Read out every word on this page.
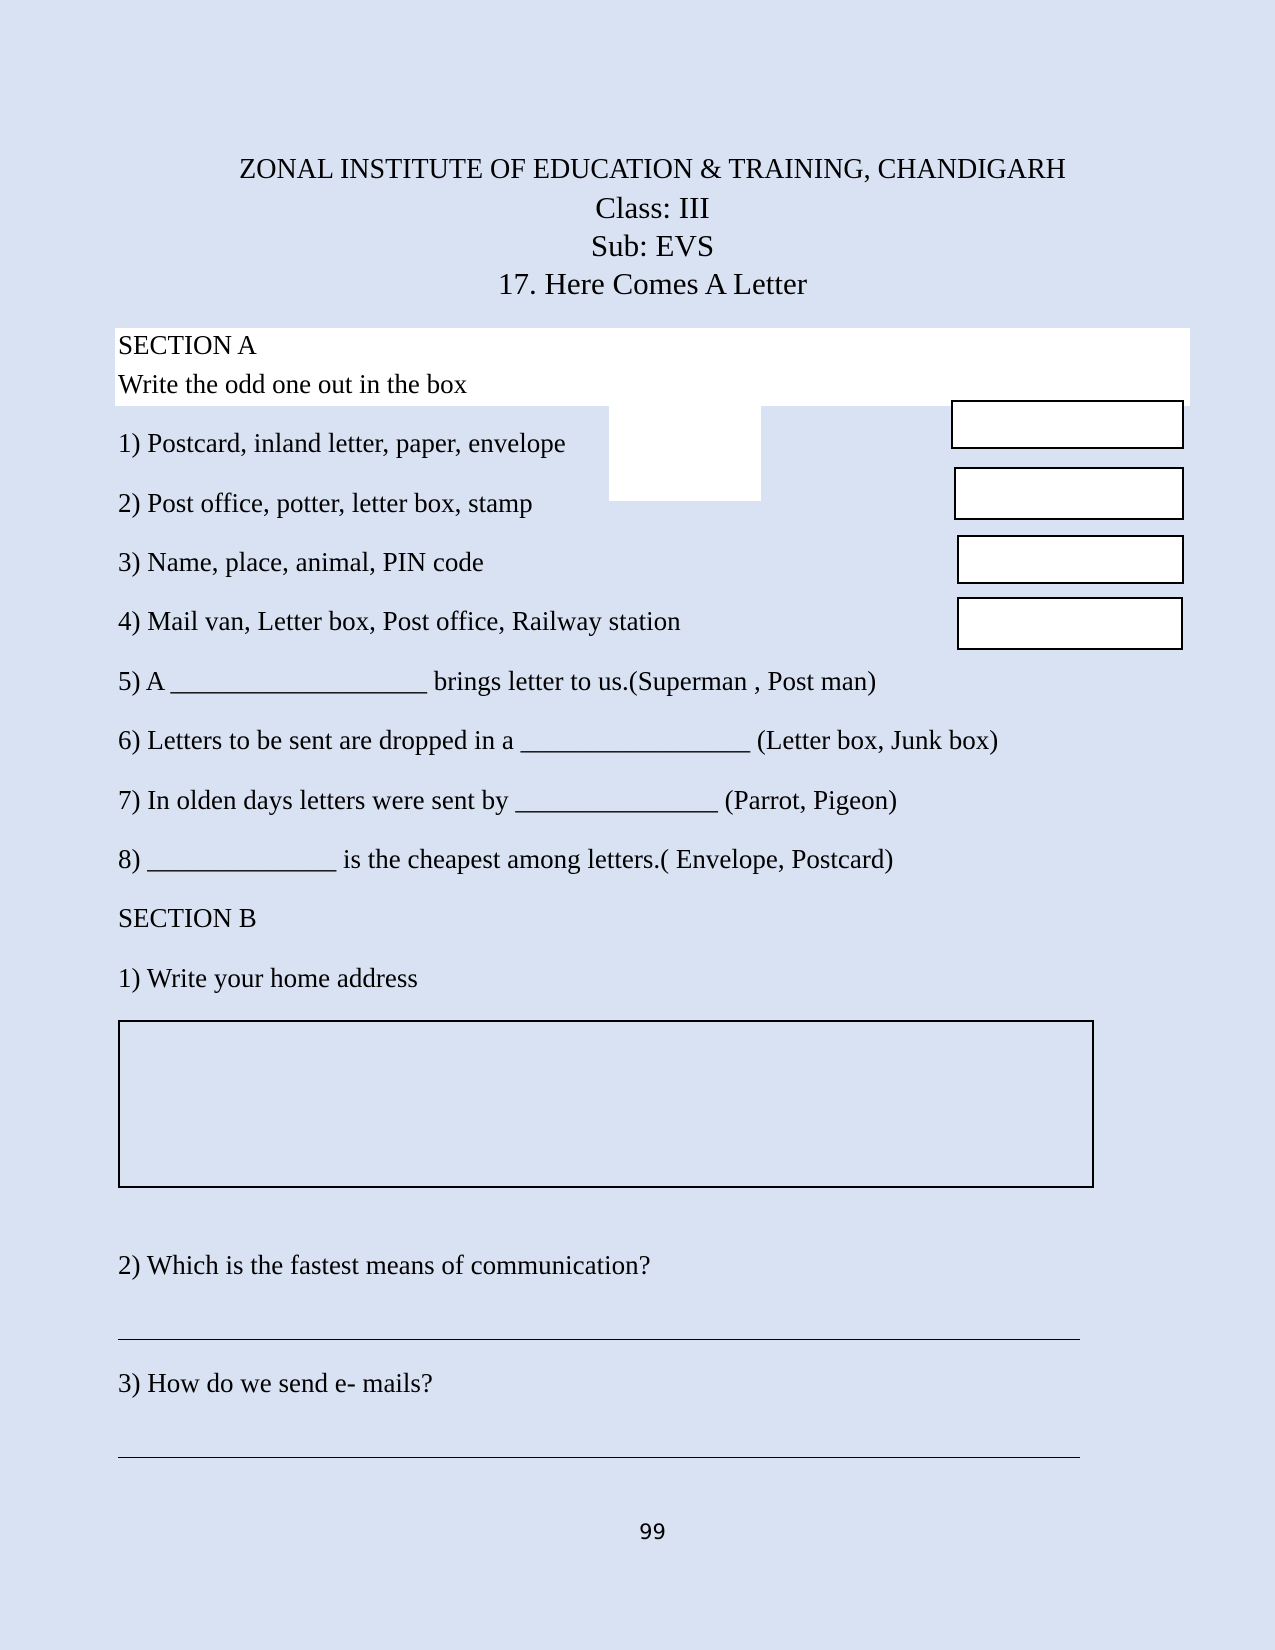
ZONAL INSTITUTE OF EDUCATION & TRAINING, CHANDIGARH
Class: III
Sub: EVS
17. Here Comes A Letter
SECTION A
Write the odd one out in the box
1) Postcard, inland letter, paper, envelope
2) Post office, potter, letter box, stamp
3) Name, place, animal, PIN code
4) Mail van, Letter box, Post office, Railway station
5) A ___________________ brings letter to us.(Superman , Post man)
6) Letters to be sent are dropped in a _________________ (Letter box, Junk box)
7) In olden days letters were sent by _______________ (Parrot, Pigeon)
8) ______________ is the cheapest among letters.( Envelope, Postcard)
SECTION B
1) Write your home address
2) Which is the fastest means of communication?
3) How do we send e- mails?
99
